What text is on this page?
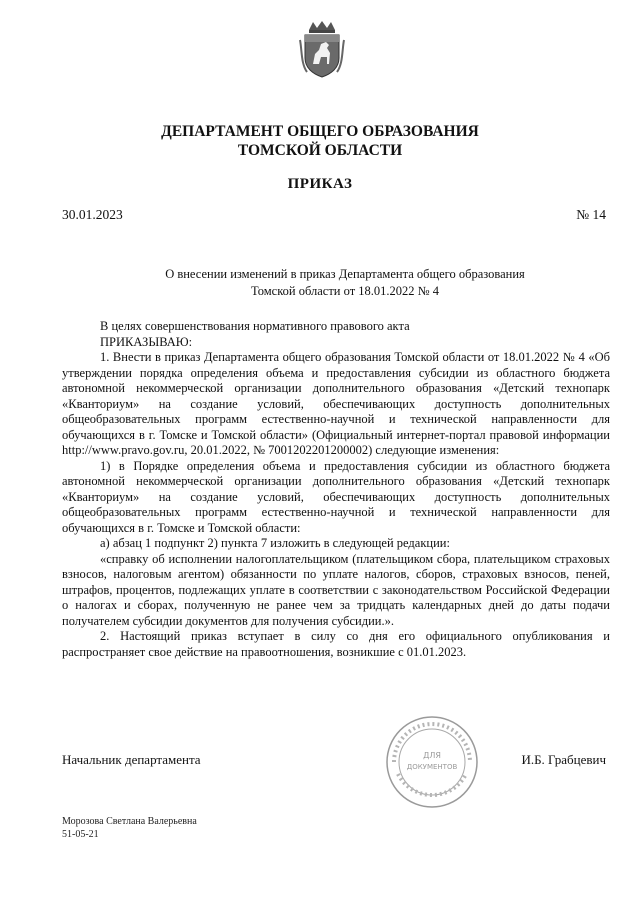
ДЕПАРТАМЕНТ ОБЩЕГО ОБРАЗОВАНИЯ
ТОМСКОЙ ОБЛАСТИ
ПРИКАЗ
30.01.2023	№ 14
О внесении изменений в приказ Департамента общего образования
Томской области от 18.01.2022 № 4

В целях совершенствования нормативного правового акта

ПРИКАЗЫВАЮ:

1. Внести в приказ Департамента общего образования Томской области от 18.01.2022 № 4 «Об утверждении порядка определения объема и предоставления субсидии из областного бюджета автономной некоммерческой организации дополнительного образования «Детский технопарк «Кванториум» на создание условий, обеспечивающих доступность дополнительных общеобразовательных программ естественно-научной и технической направленности для обучающихся в г. Томске и Томской области» (Официальный интернет-портал правовой информации http://www.pravo.gov.ru, 20.01.2022, № 7001202201200002) следующие изменения:

1) в Порядке определения объема и предоставления субсидии из областного бюджета автономной некоммерческой организации дополнительного образования «Детский технопарк «Кванториум» на создание условий, обеспечивающих доступность дополнительных общеобразовательных программ естественно-научной и технической направленности для обучающихся в г. Томске и Томской области:

а) абзац 1 подпункт 2) пункта 7 изложить в следующей редакции:

«справку об исполнении налогоплательщиком (плательщиком сбора, плательщиком страховых взносов, налоговым агентом) обязанности по уплате налогов, сборов, страховых взносов, пеней, штрафов, процентов, подлежащих уплате в соответствии с законодательством Российской Федерации о налогах и сборах, полученную не ранее чем за тридцать календарных дней до даты подачи получателем субсидии документов для получения субсидии.».

2. Настоящий приказ вступает в силу со дня его официального опубликования и распространяет свое действие на правоотношения, возникшие с 01.01.2023.

Начальник департамента	ДЛЯ
ДОКУМЕНТОВ	И.Б. Грабцевич
Морозова Светлана Валерьевна
51-05-21
